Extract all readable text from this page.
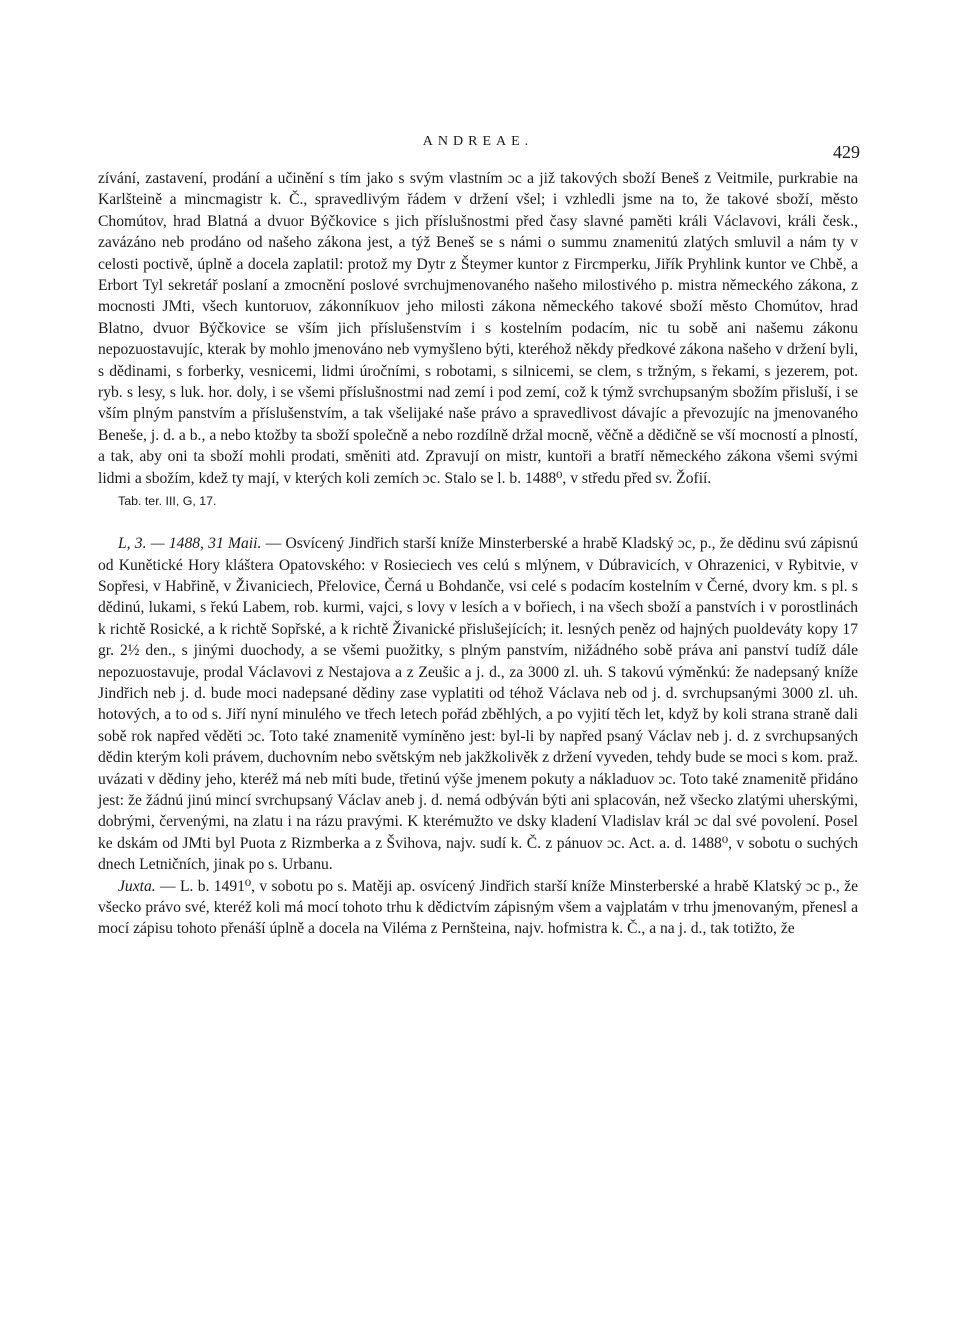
ANDREAE.
429

zívání, zastavení, prodání a učinění s tím jako s svým vlastním ɔc a již takových sboží Beneš z Veitmile, purkrabie na Karlšteině a mincmagistr k. Č., spravedlivým řádem v držení všel; i vzhledli jsme na to, že takové sboží, město Chomútov, hrad Blatná a dvuor Býčkovice s jich příslušnostmi před časy slavné paměti králi Václavovi, králi česk., zavázáno neb prodáno od našeho zákona jest, a týž Beneš se s námi o summu znamenitú zlatých smluvil a nám ty v celosti poctivě, úplně a docela zaplatil: protož my Dytr z Šteymer kuntor z Fircmperku, Jiřík Pryhlink kuntor ve Chbě, a Erbort Tyl sekretář poslaní a zmocnění poslové svrchujmenovaného našeho milostivého p. mistra německého zákona, z mocnosti JMti, všech kuntoruov, zákonníkuov jeho milosti zákona německého takové sboží město Chomútov, hrad Blatno, dvuor Býčkovice se vším jich příslušenstvím i s kostelním podacím, nic tu sobě ani našemu zákonu nepozuostavujíc, kterak by mohlo jmenováno neb vymyšleno býti, kteréhož někdy předkové zákona našeho v držení byli, s dědinami, s forberky, vesnicemi, lidmi úročními, s robotami, s silnicemi, se clem, s tržným, s řekami, s jezerem, pot. ryb. s lesy, s luk. hor. doly, i se všemi příslušnostmi nad zemí i pod zemí, což k týmž svrchupsaným sbožím přisluší, i se vším plným panstvím a příslušenstvím, a tak všelijaké naše právo a spravedlivost dávajíc a převozujíc na jmenovaného Beneše, j. d. a b., a nebo ktožby ta sboží společně a nebo rozdílně držal mocně, věčně a dědičně se vší mocností a plností, a tak, aby oni ta sboží mohli prodati, směniti atd. Zpravují on mistr, kuntoři a bratří německého zákona všemi svými lidmi a sbožím, kdež ty mají, v kterých koli zemích ɔc. Stalo se l. b. 1488⁰, v středu před sv. Žofií.

Tab. ter. III, G, 17.

L, 3. — 1488, 31 Maii. — Osvícený Jindřich starší kníže Minsterberské a hrabě Kladský ɔc, p., že dědinu svú zápisnú od Kunětické Hory kláštera Opatovského: v Rosieciech ves celú s mlýnem, v Dúbravicích, v Ohrazenici, v Rybitvie, v Sopřesi, v Habřině, v Živaniciech, Přelovice, Černá u Bohdanče, vsi celé s podacím kostelním v Černé, dvory km. s pl. s dědinú, lukami, s řekú Labem, rob. kurmi, vajci, s lovy v lesích a v bořiech, i na všech sboží a panstvích i v porostlinách k richtě Rosické, a k richtě Sopřské, a k richtě Živanické přislušejících; it. lesných peněz od hajných puoldeváty kopy 17 gr. 2½ den., s jinými duochody, a se všemi puožitky, s plným panstvím, nižádného sobě práva ani panství tudíž dále nepozuostavuje, prodal Václavovi z Nestajova a z Zeušic a j. d., za 3000 zl. uh. S takovú výměnkú: že nadepsaný kníže Jindřich neb j. d. bude moci nadepsané dědiny zase vyplatiti od téhož Václava neb od j. d. svrchupsanými 3000 zl. uh. hotových, a to od s. Jiří nyní minulého ve třech letech pořád zběhlých, a po vyjití těch let, když by koli strana straně dali sobě rok napřed věděti ɔc. Toto také znamenitě vymíněno jest: byl-li by napřed psaný Václav neb j. d. z svrchupsaných dědin kterým koli právem, duchovním nebo světským neb jakžkolivěk z držení vyveden, tehdy bude se moci s kom. praž. uvázati v dědiny jeho, kteréž má neb míti bude, třetinú výše jmenem pokuty a nákladuov ɔc. Toto také znamenitě přidáno jest: že žádnú jinú mincí svrchupsaný Václav aneb j. d. nemá odbýván býti ani splacován, než všecko zlatými uherskými, dobrými, červenými, na zlatu i na rázu pravými. K kterémužto ve dsky kladení Vladislav král ɔc dal své povolení. Posel ke dskám od JMti byl Puota z Rizmberka a z Švihova, najv. sudí k. Č. z pánuov ɔc. Act. a. d. 1488⁰, v sobotu o suchých dnech Letničních, jinak po s. Urbanu.

Juxta. — L. b. 1491⁰, v sobotu po s. Matěji ap. osvícený Jindřich starší kníže Minsterberské a hrabě Klatský ɔc p., že všecko právo své, kteréž koli má mocí tohoto trhu k dědictvím zápisným všem a vajplatám v trhu jmenovaným, přenesl a mocí zápisu tohoto přenáší úplně a docela na Viléma z Pernšteina, najv. hofmistra k. Č., a na j. d., tak totižto, že
